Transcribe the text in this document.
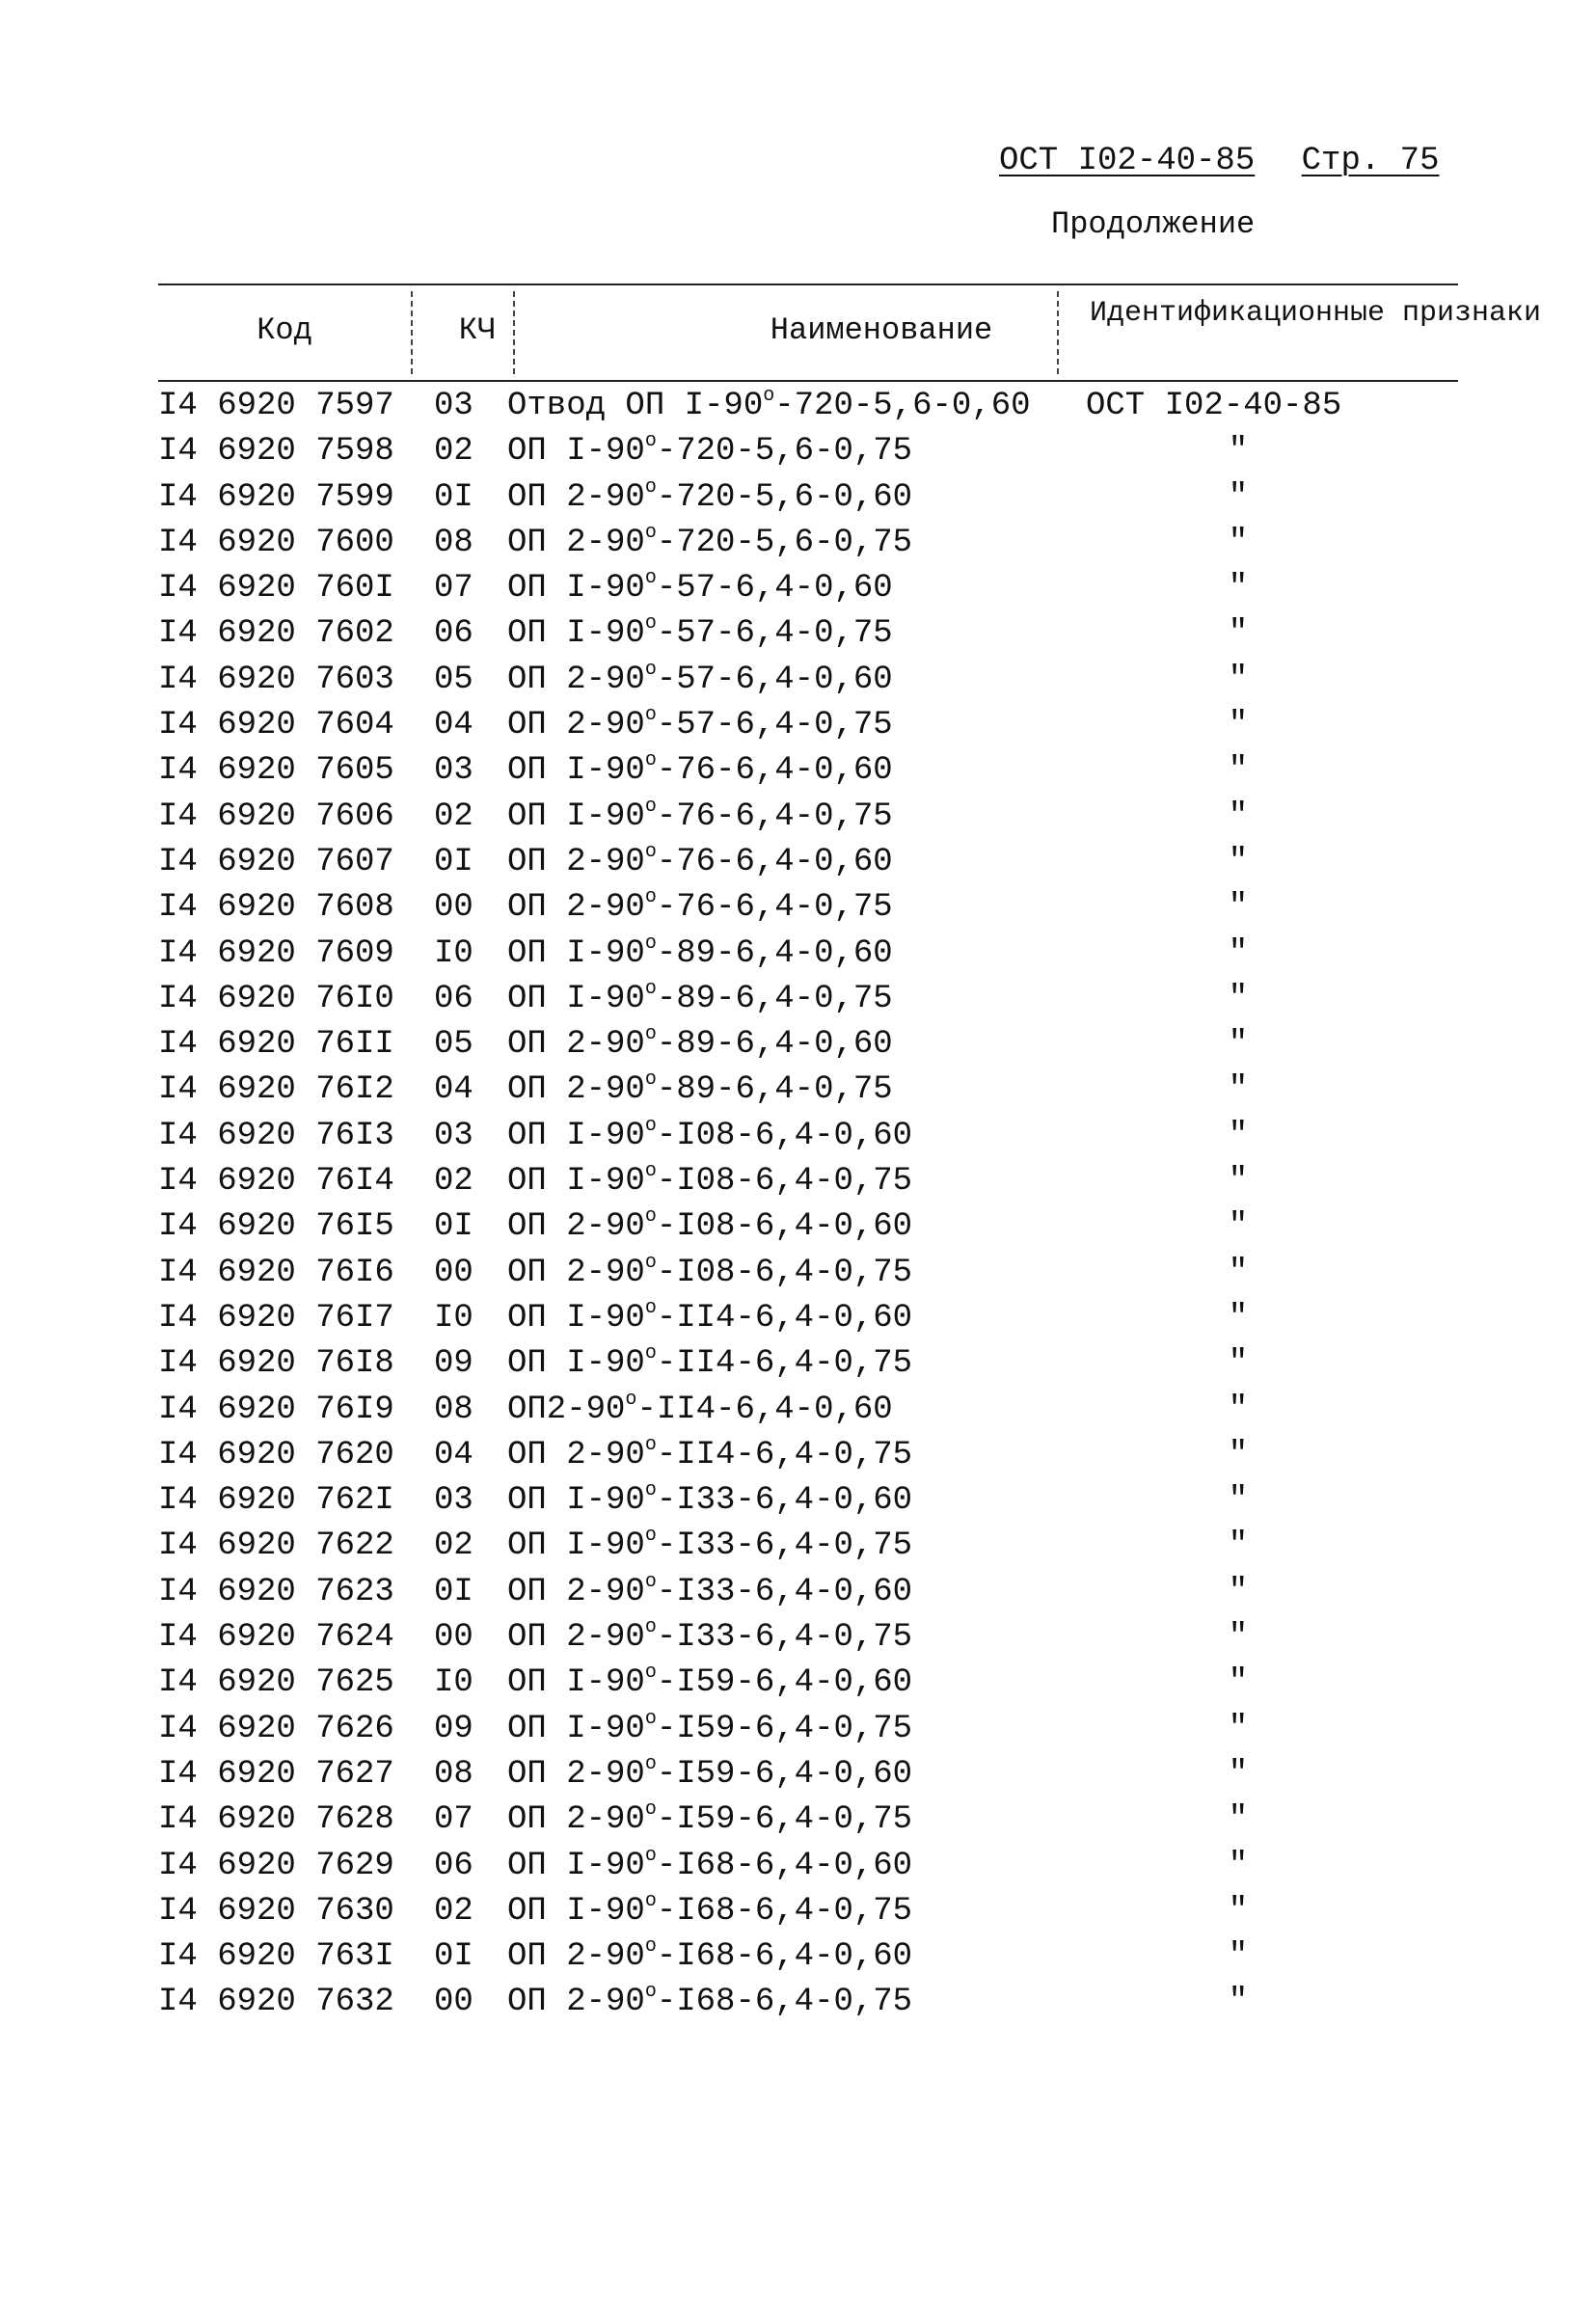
ОСТ I02-40-85 Стр. 75
Продолжение
Код	КЧ	Наименование	Идентификационные признаки
I4 6920 7597 03	Отвод ОП I-90$^o$-720-5,6-0,60	ОСТ I02-40-85
I4 6920 7598 02	ОП I-90$^o$-720-5,6-0,75	"
I4 6920 7599 0I	ОП 2-90$^o$-720-5,6-0,60	"
I4 6920 7600 08	ОП 2-90$^o$-720-5,6-0,75	"
I4 6920 760I 07	ОП I-90$^o$-57-6,4-0,60	"
I4 6920 7602 06	ОП I-90$^o$-57-6,4-0,75	"
I4 6920 7603 05	ОП 2-90$^o$-57-6,4-0,60	"
I4 6920 7604 04	ОП 2-90$^o$-57-6,4-0,75	"
I4 6920 7605 03	ОП I-90$^o$-76-6,4-0,60	"
I4 6920 7606 02	ОП I-90$^o$-76-6,4-0,75	"
I4 6920 7607 0I	ОП 2-90$^o$-76-6,4-0,60	"
I4 6920 7608 00	ОП 2-90$^o$-76-6,4-0,75	"
I4 6920 7609 I0	ОП I-90$^o$-89-6,4-0,60	"
I4 6920 76I0 06	ОП I-90$^o$-89-6,4-0,75	"
I4 6920 76II 05	ОП 2-90$^o$-89-6,4-0,60	"
I4 6920 76I2 04	ОП 2-90$^o$-89-6,4-0,75	"
I4 6920 76I3 03	ОП I-90$^o$-I08-6,4-0,60	"
I4 6920 76I4 02	ОП I-90$^o$-I08-6,4-0,75	"
I4 6920 76I5 0I	ОП 2-90$^o$-I08-6,4-0,60	"
I4 6920 76I6 00	ОП 2-90$^o$-I08-6,4-0,75	"
I4 6920 76I7 I0	ОП I-90$^o$-II4-6,4-0,60	"
I4 6920 76I8 09	ОП I-90$^o$-II4-6,4-0,75	"
I4 6920 76I9 08	ОП2-90$^o$-II4-6,4-0,60	"
I4 6920 7620 04	ОП 2-90$^o$-II4-6,4-0,75	"
I4 6920 762I 03	ОП I-90$^o$-I33-6,4-0,60	"
I4 6920 7622 02	ОП I-90$^o$-I33-6,4-0,75	"
I4 6920 7623 0I	ОП 2-90$^o$-I33-6,4-0,60	"
I4 6920 7624 00	ОП 2-90$^o$-I33-6,4-0,75	"
I4 6920 7625 I0	ОП I-90$^o$-I59-6,4-0,60	"
I4 6920 7626 09	ОП I-90$^o$-I59-6,4-0,75	"
I4 6920 7627 08	ОП 2-90$^o$-I59-6,4-0,60	"
I4 6920 7628 07	ОП 2-90$^o$-I59-6,4-0,75	"
I4 6920 7629 06	ОП I-90$^o$-I68-6,4-0,60	"
I4 6920 7630 02	ОП I-90$^o$-I68-6,4-0,75	"
I4 6920 763I 0I	ОП 2-90$^o$-I68-6,4-0,60	"
I4 6920 7632 00	ОП 2-90$^o$-I68-6,4-0,75	"
